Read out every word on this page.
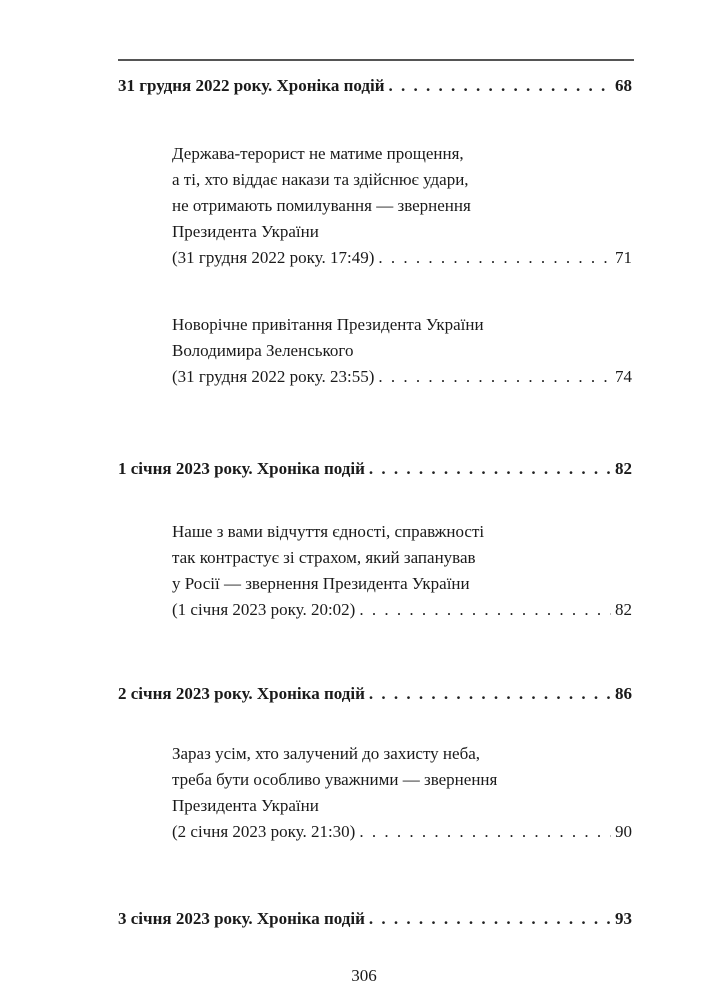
31 грудня 2022 року. Хроніка подій . . .	68
Держава-терорист не матиме прощення,
а ті, хто віддає накази та здійснює удари,
не отримають помилування — звернення
Президента України
(31 грудня 2022 року. 17:49) . . .	71
Новорічне привітання Президента України
Володимира Зеленського
(31 грудня 2022 року. 23:55) . . .	74
1 січня 2023 року. Хроніка подій . . .	82
Наше з вами відчуття єдності, справжності
так контрастує зі страхом, який запанував
у Росії — звернення Президента України
(1 січня 2023 року. 20:02) . . .	82
2 січня 2023 року. Хроніка подій . . .	86
Зараз усім, хто залучений до захисту неба,
треба бути особливо уважними — звернення
Президента України
(2 січня 2023 року. 21:30) . . .	90
3 січня 2023 року. Хроніка подій . . .	93
306
